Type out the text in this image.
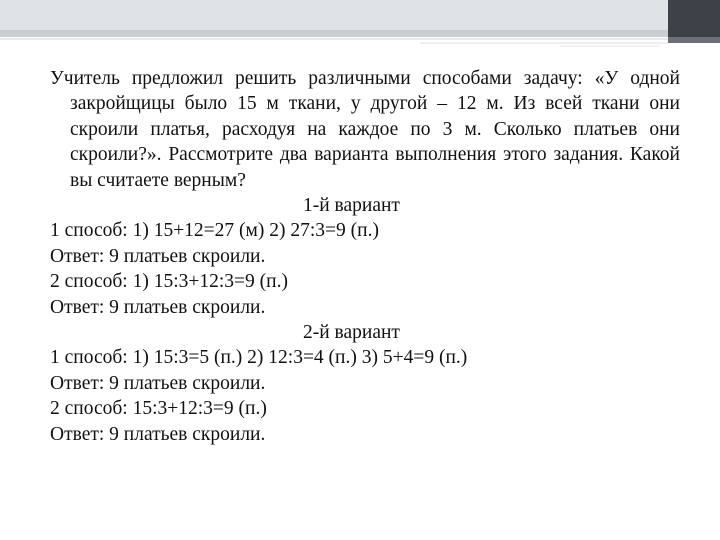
Учитель предложил решить различными способами задачу: «У одной закройщицы было 15 м ткани, у другой – 12 м. Из всей ткани они скроили платья, расходуя на каждое по 3 м. Сколько платьев они скроили?». Рассмотрите два варианта выполнения этого задания. Какой вы считаете верным?

1-й вариант

1 способ: 1) 15+12=27 (м) 2) 27:3=9 (п.)

Ответ: 9 платьев скроили.

2 способ: 1) 15:3+12:3=9 (п.)

Ответ: 9 платьев скроили.

2-й вариант

1 способ: 1) 15:3=5 (п.) 2) 12:3=4 (п.) 3) 5+4=9 (п.)

Ответ: 9 платьев скроили.

2 способ: 15:3+12:3=9 (п.)

Ответ: 9 платьев скроили.
